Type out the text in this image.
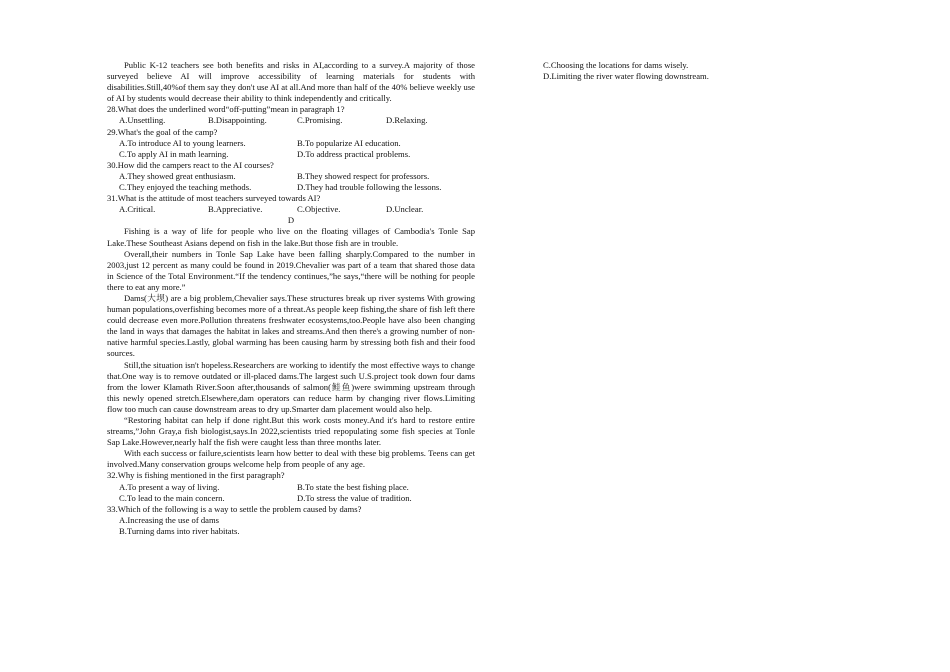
Public K-12 teachers see both benefits and risks in AI,according to a survey.A majority of those surveyed believe AI will improve accessibility of learning materials for students with disabilities.Still,40%of them say they don't use AI at all.And more than half of the 40% believe weekly use of AI by students would decrease their ability to think independently and critically.

28.What does the underlined word“off-putting”mean in paragraph 1?

A.Unsettling.	B.Disappointing.	C.Promising.	D.Relaxing.

29.What's the goal of the camp?

A.To introduce AI to young learners.	B.To popularize AI education.
C.To apply AI in math learning.	D.To address practical problems.

30.How did the campers react to the AI courses?

A.They showed great enthusiasm.	B.They showed respect for professors.
C.They enjoyed the teaching methods.	D.They had trouble following the lessons.

31.What is the attitude of most teachers surveyed towards AI?

A.Critical.	B.Appreciative.	C.Objective.	D.Unclear.

D

Fishing is a way of life for people who live on the floating villages of Cambodia's Tonle Sap Lake.These Southeast Asians depend on fish in the lake.But those fish are in trouble.

Overall,their numbers in Tonle Sap Lake have been falling sharply.Compared to the number in 2003,just 12 percent as many could be found in 2019.Chevalier was part of a team that shared those data in Science of the Total Environment.“If the tendency continues,”he says,“there will be nothing for people there to eat any more.”

Dams(大坝) are a big problem,Chevalier says.These structures break up river systems With growing human populations,overfishing becomes more of a threat.As people keep fishing,the share of fish left there could decrease even more.Pollution threatens freshwater ecosystems,too.People have also been changing the land in ways that damages the habitat in lakes and streams.And then there's a growing number of non-native harmful species.Lastly, global warming has been causing harm by stressing both fish and their food sources.

Still,the situation isn't hopeless.Researchers are working to identify the most effective ways to change that.One way is to remove outdated or ill-placed dams.The largest such U.S.project took down four dams from the lower Klamath River.Soon after,thousands of salmon(鲑鱼)were swimming upstream through this newly opened stretch.Elsewhere,dam operators can reduce harm by changing river flows.Limiting flow too much can cause downstream areas to dry up.Smarter dam placement would also help.

“Restoring habitat can help if done right.But this work costs money.And it's hard to restore entire streams,”John Gray,a fish biologist,says.In 2022,scientists tried repopulating some fish species at Tonle Sap Lake.However,nearly half the fish were caught less than three months later.

With each success or failure,scientists learn how better to deal with these big problems. Teens can get involved.Many conservation groups welcome help from people of any age.

32.Why is fishing mentioned in the first paragraph?

A.To present a way of living.	B.To state the best fishing place.
C.To lead to the main concern.	D.To stress the value of tradition.

33.Which of the following is a way to settle the problem caused by dams?

A.Increasing the use of dams

B.Turning dams into river habitats.

C.Choosing the locations for dams wisely.

D.Limiting the river water flowing downstream.
